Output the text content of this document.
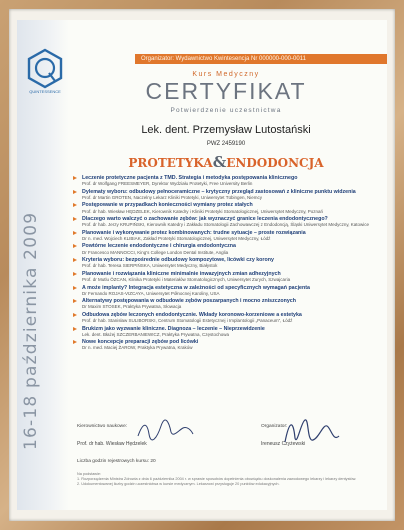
16-18 października 2009
QUINTESSENCE
Organizator: Wydawnictwo Kwintesencja Nr 000000-000-0011
Kurs Medyczny
CERTYFIKAT
Potwierdzenie uczestnictwa
Lek. dent. Przemysław Lutostański
PWZ 2459190
PROTETYKA&ENDODONCJA
Leczenie protetyczne pacjenta z TMD. Strategia i metodyka postępowania klinicznego
Prof. dr Wolfgang FREESMEYER, Dyrektor Wydziału Protetyki, Free University Berlin
Dylematy wyboru: odbudowy pełnoceramiczne – krytyczny przegląd zastosowań z kliniczne punktu widzenia
Prof. dr Martin GROTEN, Naczelny Lekarz Kliniki Protetyki, Uniwersytet Tübingen, Niemcy
Postępowanie w przypadkach konieczności wymiany protez stałych
Prof. dr hab. Wiesław HĘDZELEK, Kierownik Katedry i Kliniki Protetyki Stomatologicznej, Uniwersytet Medyczny, Poznań
Dlaczego warto walczyć o zachowanie zębów: jak wyznaczyć granice leczenia endodontycznego?
Prof. dr hab. Jerzy KRUPIŃSKI, Kierownik Katedry i Zakładu Stomatologii Zachowawczej z Endodoncją, Śląski Uniwersytet Medyczny, Katowice
Planowanie i wykonywanie protez kombinowanych: trudne sytuacje – proste rozwiązania
Dr n. med. Wojciech KLIBIAK, Zakład Protetyki Stomatologicznej, Uniwersytet Medyczny, Łódź
Powtórne leczenie endodontyczne i chirurgia endodontyczna
Dr Francesco MANNOCCI, King's College London Dental Institute, Anglia
Kryteria wyboru: bezpośrednie odbudowy kompozytowe, licówki czy korony
Prof. dr hab. Teresa SIERPIŃSKA, Uniwersytet Medyczny, Białystok
Planowanie i rozwiązania kliniczne minimalnie inwazyjnych zmian adhezyjnych
Prof. dr Mutlu ÖZCAN, Klinika Protetyki i Materiałów Stomatologicznych, Uniwersytet Zurych, Szwajcaria
A może implanty? Integracja estetyczna w zależności od specyficznych wymagań pacjenta
Dr Fernando ROJAS-VIZCAYA, Uniwersytet Północnej Karoliny, USA
Alternatywy postępowania w odbudowie zębów poszarpanych i mocno zniszczonych
Dr Maxim STOSEK, Praktyka Prywatna, Słowacja
Odbudowa zębów leczonych endodontycznie. Wkłady koronowo-korzeniowe a estetyka
Prof. dr hab. Stanisław SULIBORSKI, Centrum Stomatologii Estetycznej i Implantologii „Panaceum”, Łódź
Brukizm jako wyzwanie kliniczne. Diagnoza – leczenie – Nieprzewidzenie
Lek. dent. Błażej SZCZERBANIEWICZ, Praktyka Prywatna, Częstochowa
Nowe koncepcje preparacji zębów pod licówki
Dr n. med. Maciej ŻAROW, Praktyka Prywatna, Kraków
Kierownictwo naukowe:
Prof. dr hab. Wiesław Hędzelek
Organizator:
Ireneusz Czyżewski
Liczba godzin rejestrowych kursu: 20
Na podstawie:
1. Rozporządzenia Ministra Zdrowia z dnia 6 października 2004 r. w sprawie sposobów dopełnienia obowiązku doskonalenia zawodowego lekarzy i lekarzy dentystów.
2. Udokumentowanej liczby godzin uczestnictwa w kursie medycznym. Lekarzowi przysługuje 20 punktów edukacyjnych.
